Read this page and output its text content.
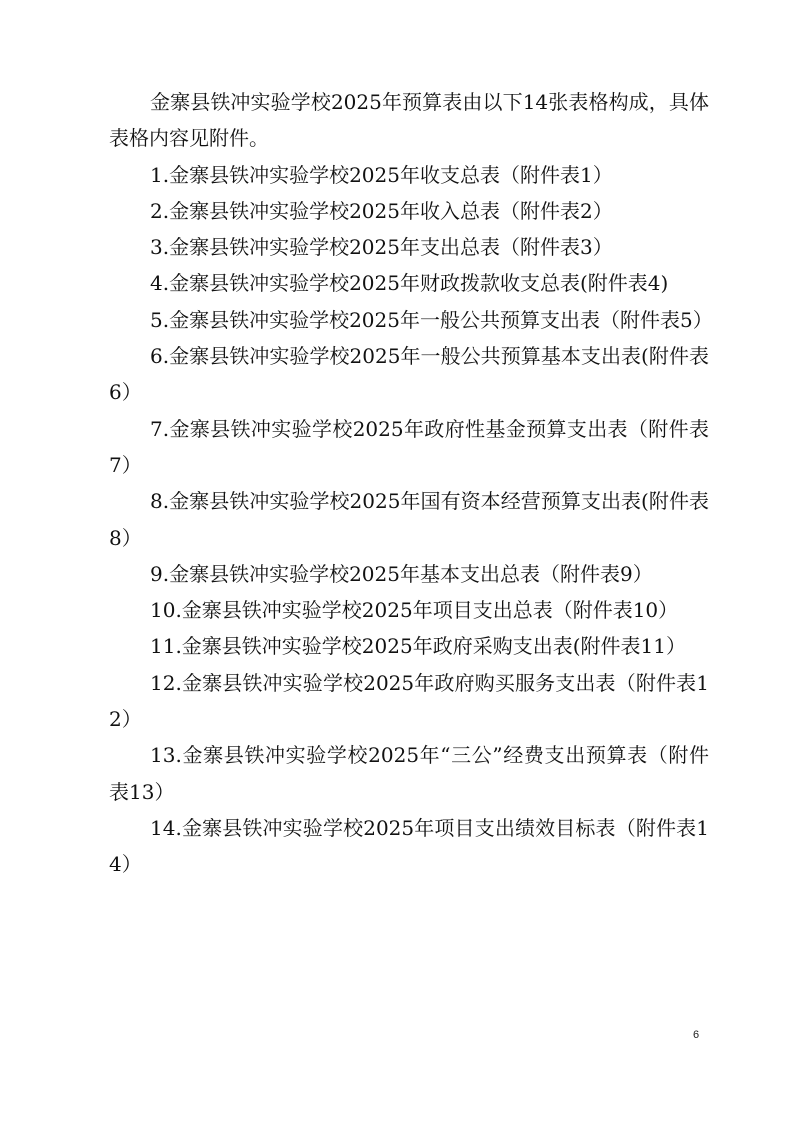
金寨县铁冲实验学校2025年预算表由以下14张表格构成，具体表格内容见附件。

1.金寨县铁冲实验学校2025年收支总表（附件表1）

2.金寨县铁冲实验学校2025年收入总表（附件表2）

3.金寨县铁冲实验学校2025年支出总表（附件表3）

4.金寨县铁冲实验学校2025年财政拨款收支总表(附件表4)

5.金寨县铁冲实验学校2025年一般公共预算支出表（附件表5）

6.金寨县铁冲实验学校2025年一般公共预算基本支出表(附件表6）

7.金寨县铁冲实验学校2025年政府性基金预算支出表（附件表7）

8.金寨县铁冲实验学校2025年国有资本经营预算支出表(附件表8）

9.金寨县铁冲实验学校2025年基本支出总表（附件表9）

10.金寨县铁冲实验学校2025年项目支出总表（附件表10）

11.金寨县铁冲实验学校2025年政府采购支出表(附件表11）

12.金寨县铁冲实验学校2025年政府购买服务支出表（附件表12）

13.金寨县铁冲实验学校2025年“三公”经费支出预算表（附件表13）

14.金寨县铁冲实验学校2025年项目支出绩效目标表（附件表14）

6
